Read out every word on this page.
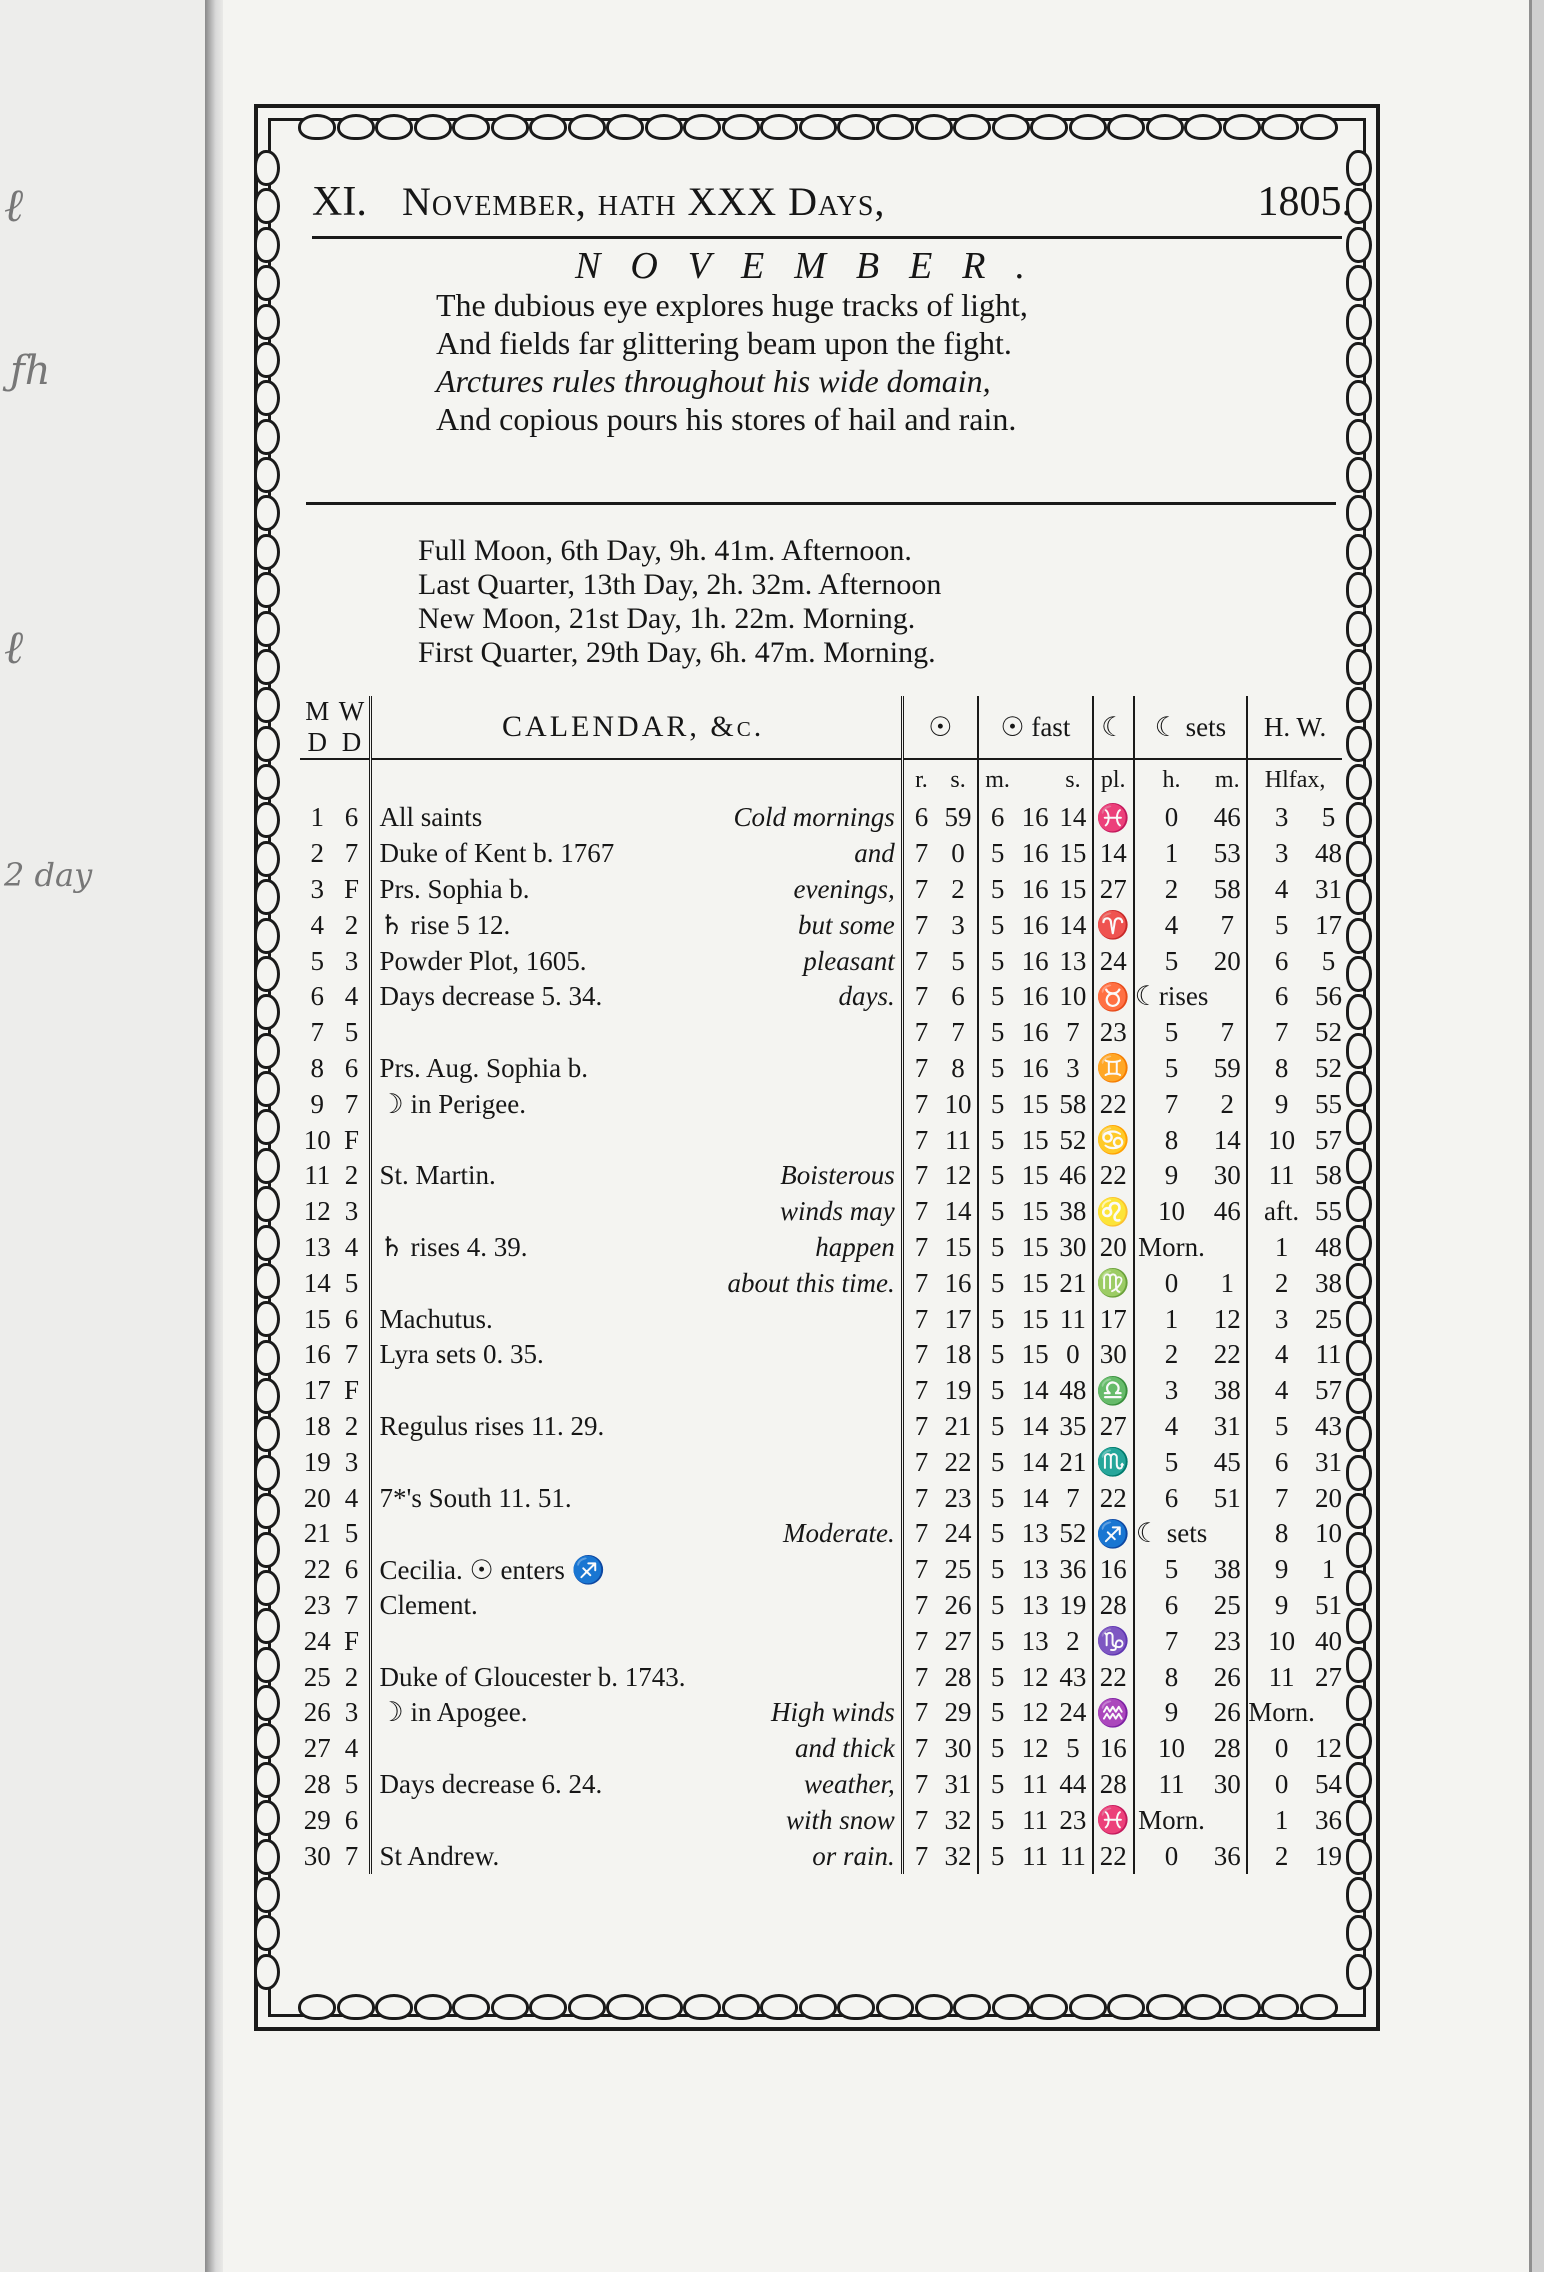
ℓ
ƒh
ℓ
2 day
XI. November, hath XXX Days,	1805.
NOVEMBER.
The dubious eye explores huge tracks of light,
And fields far glittering beam upon the fight.
Arctures rules throughout his wide domain,
And copious pours his stores of hail and rain.
Full Moon, 6th Day, 9h. 41m. Afternoon.
Last Quarter, 13th Day, 2h. 32m. Afternoon
New Moon, 21st Day, 1h. 22m. Morning.
First Quarter, 29th Day, 6h. 47m. Morning.
M D	W D	CALENDAR, &c.		☉		☉ fast			☾	☾ sets		H. W.	
				r.	s.	m.		s.	pl.	h.	m.	Hlfax,	
1	6	All saints	Cold mornings	6	59	6	16	14	♓	0	46	3	5
2	7	Duke of Kent b. 1767	and	7	0	5	16	15	14	1	53	3	48
3	F	Prs. Sophia b.	evenings,	7	2	5	16	15	27	2	58	4	31
4	2	♄ rise 5 12.	but some	7	3	5	16	14	♈	4	7	5	17
5	3	Powder Plot, 1605.	pleasant	7	5	5	16	13	24	5	20	6	5
6	4	Days decrease 5. 34.	days.	7	6	5	16	10	♉	☾rises		6	56
7	5			7	7	5	16	7	23	5	7	7	52
8	6	Prs. Aug. Sophia b.		7	8	5	16	3	♊	5	59	8	52
9	7	☽ in Perigee.		7	10	5	15	58	22	7	2	9	55
10	F			7	11	5	15	52	♋	8	14	10	57
11	2	St. Martin.	Boisterous	7	12	5	15	46	22	9	30	11	58
12	3		winds may	7	14	5	15	38	♌	10	46	aft.	55
13	4	♄ rises 4. 39.	happen	7	15	5	15	30	20	Morn.		1	48
14	5		about this time.	7	16	5	15	21	♍	0	1	2	38
15	6	Machutus.		7	17	5	15	11	17	1	12	3	25
16	7	Lyra sets 0. 35.		7	18	5	15	0	30	2	22	4	11
17	F			7	19	5	14	48	♎	3	38	4	57
18	2	Regulus rises 11. 29.		7	21	5	14	35	27	4	31	5	43
19	3			7	22	5	14	21	♏	5	45	6	31
20	4	7*'s South 11. 51.		7	23	5	14	7	22	6	51	7	20
21	5		Moderate.	7	24	5	13	52	♐	☾ sets		8	10
22	6	Cecilia. ☉ enters ♐		7	25	5	13	36	16	5	38	9	1
23	7	Clement.		7	26	5	13	19	28	6	25	9	51
24	F			7	27	5	13	2	♑	7	23	10	40
25	2	Duke of Gloucester b. 1743.		7	28	5	12	43	22	8	26	11	27
26	3	☽ in Apogee.	High winds	7	29	5	12	24	♒	9	26	Morn.	
27	4		and thick	7	30	5	12	5	16	10	28	0	12
28	5	Days decrease 6. 24.	weather,	7	31	5	11	44	28	11	30	0	54
29	6		with snow	7	32	5	11	23	♓	Morn.		1	36
30	7	St Andrew.	or rain.	7	32	5	11	11	22	0	36	2	19
